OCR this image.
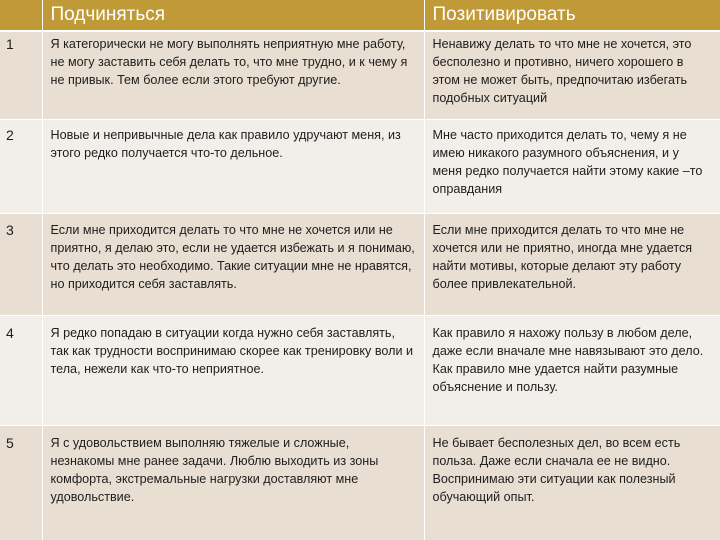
	Подчиняться	Позитивировать
1	Я категорически не могу выполнять неприятную мне работу, не могу заставить себя делать то, что мне трудно, и к чему я не привык. Тем более если этого требуют другие.	Ненавижу делать то что мне не хочется, это бесполезно и противно, ничего хорошего в этом не может быть, предпочитаю избегать подобных ситуаций
2	Новые и непривычные дела как правило удручают меня, из этого редко получается что-то дельное.	Мне часто приходится делать то, чему я не имею никакого разумного объяснения, и у меня редко получается найти этому какие –то оправдания
3	Если мне приходится делать то что мне не хочется или не приятно, я делаю это, если не удается избежать и я понимаю, что делать это необходимо. Такие ситуации мне не нравятся, но приходится себя заставлять.	Если мне приходится делать то что мне не хочется или не приятно, иногда мне удается найти мотивы, которые делают эту работу более привлекательной.
4	Я редко попадаю в ситуации когда нужно себя заставлять, так как трудности воспринимаю скорее как тренировку воли и тела, нежели как что-то неприятное.	Как правило я нахожу пользу в любом деле, даже если вначале мне навязывают это дело. Как правило мне удается найти разумные объяснение и пользу.
5	Я с удовольствием выполняю тяжелые и сложные, незнакомы мне ранее задачи. Люблю выходить из зоны комфорта, экстремальные нагрузки доставляют мне удовольствие.	Не бывает бесполезных дел, во всем есть польза. Даже если сначала ее не видно. Воспринимаю эти ситуации как полезный обучающий опыт.
